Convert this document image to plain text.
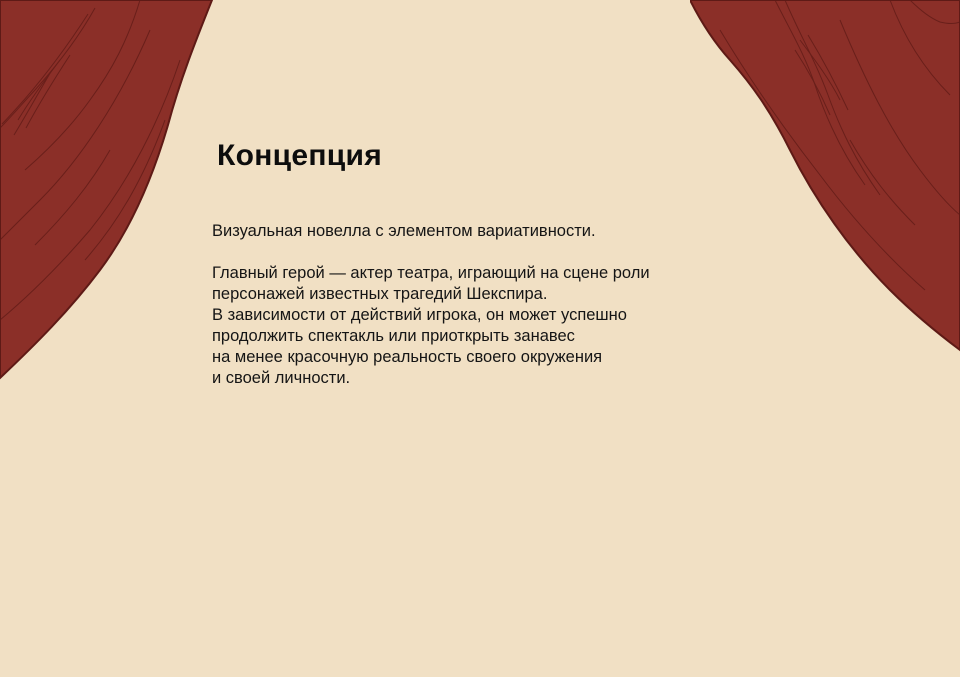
Концепция

Визуальная новелла с элементом вариативности.

Главный герой — актер театра, играющий на сцене роли
персонажей известных трагедий Шекспира.
В зависимости от действий игрока, он может успешно
продолжить спектакль или приоткрыть занавес
на менее красочную реальность своего окружения
и своей личности.
